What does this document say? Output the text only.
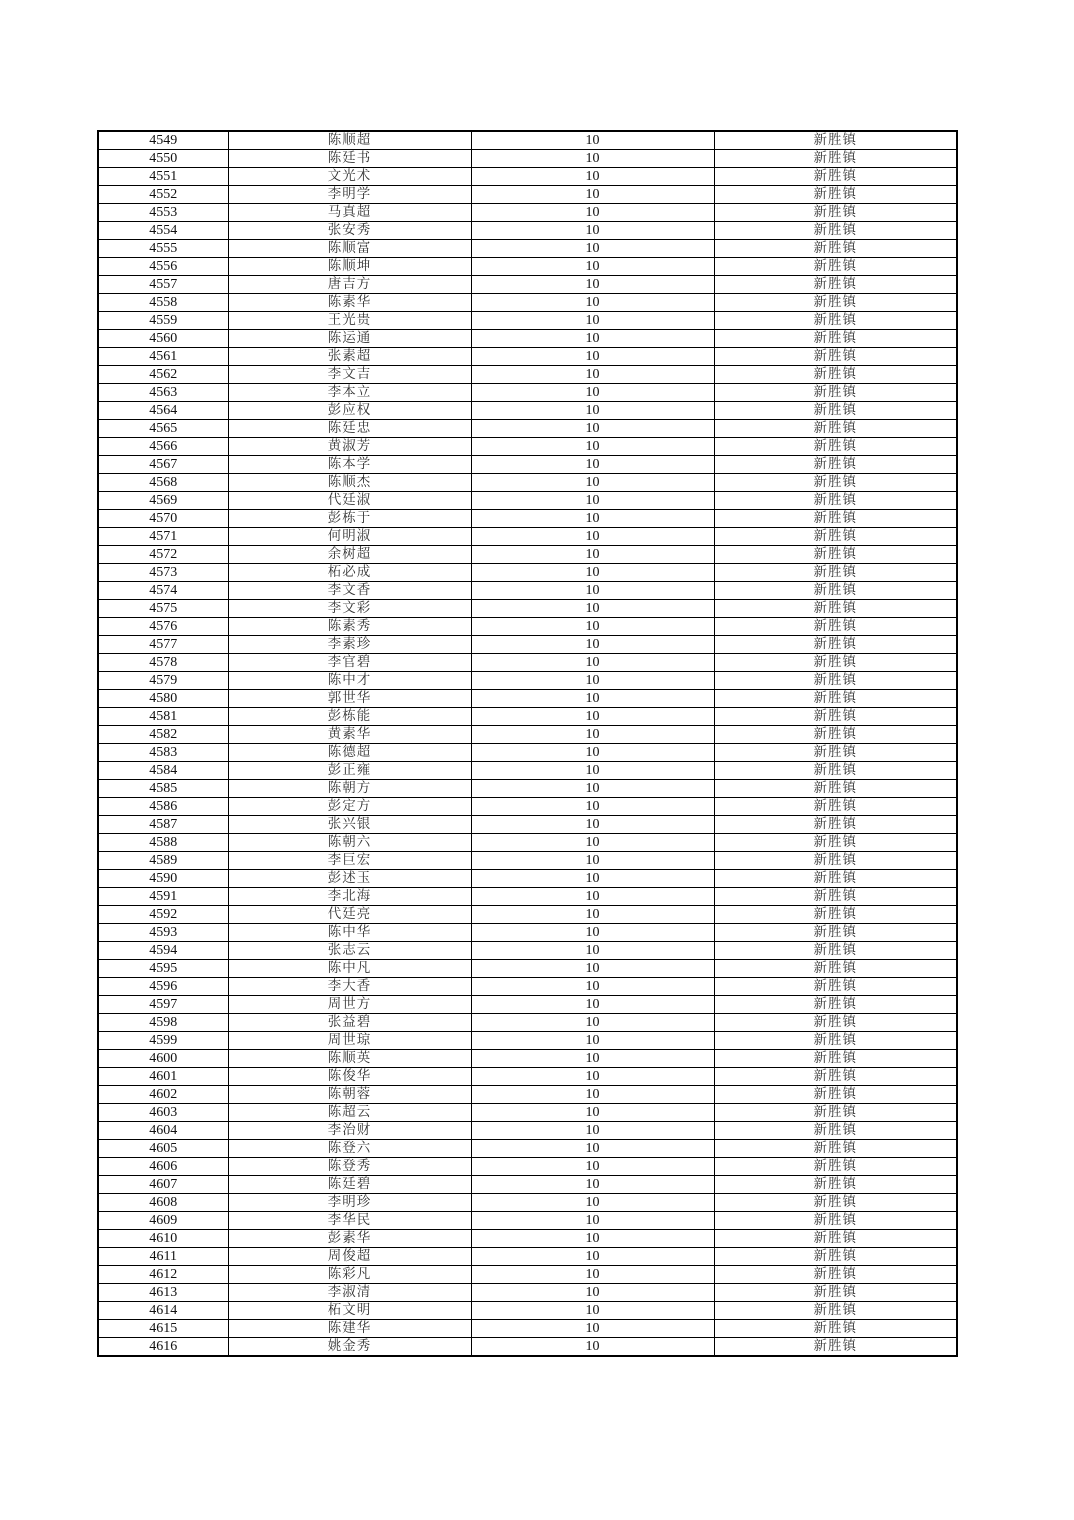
4549	陈顺超	10	新胜镇
4550	陈廷书	10	新胜镇
4551	文光术	10	新胜镇
4552	李明学	10	新胜镇
4553	马真超	10	新胜镇
4554	张安秀	10	新胜镇
4555	陈顺富	10	新胜镇
4556	陈顺坤	10	新胜镇
4557	唐吉方	10	新胜镇
4558	陈素华	10	新胜镇
4559	王光贵	10	新胜镇
4560	陈运通	10	新胜镇
4561	张素超	10	新胜镇
4562	李文吉	10	新胜镇
4563	李本立	10	新胜镇
4564	彭应权	10	新胜镇
4565	陈廷忠	10	新胜镇
4566	黄淑芳	10	新胜镇
4567	陈本学	10	新胜镇
4568	陈顺杰	10	新胜镇
4569	代廷淑	10	新胜镇
4570	彭栋于	10	新胜镇
4571	何明淑	10	新胜镇
4572	余树超	10	新胜镇
4573	柘必成	10	新胜镇
4574	李文香	10	新胜镇
4575	李文彩	10	新胜镇
4576	陈素秀	10	新胜镇
4577	李素珍	10	新胜镇
4578	李官碧	10	新胜镇
4579	陈中才	10	新胜镇
4580	郭世华	10	新胜镇
4581	彭栋能	10	新胜镇
4582	黄素华	10	新胜镇
4583	陈德超	10	新胜镇
4584	彭正雍	10	新胜镇
4585	陈朝方	10	新胜镇
4586	彭定方	10	新胜镇
4587	张兴银	10	新胜镇
4588	陈朝六	10	新胜镇
4589	李巨宏	10	新胜镇
4590	彭述玉	10	新胜镇
4591	李北海	10	新胜镇
4592	代廷亮	10	新胜镇
4593	陈中华	10	新胜镇
4594	张志云	10	新胜镇
4595	陈中凡	10	新胜镇
4596	李大香	10	新胜镇
4597	周世方	10	新胜镇
4598	张益碧	10	新胜镇
4599	周世琼	10	新胜镇
4600	陈顺英	10	新胜镇
4601	陈俊华	10	新胜镇
4602	陈朝蓉	10	新胜镇
4603	陈超云	10	新胜镇
4604	李治财	10	新胜镇
4605	陈登六	10	新胜镇
4606	陈登秀	10	新胜镇
4607	陈廷碧	10	新胜镇
4608	李明珍	10	新胜镇
4609	李华民	10	新胜镇
4610	彭素华	10	新胜镇
4611	周俊超	10	新胜镇
4612	陈彩凡	10	新胜镇
4613	李淑清	10	新胜镇
4614	柘文明	10	新胜镇
4615	陈建华	10	新胜镇
4616	姚金秀	10	新胜镇
